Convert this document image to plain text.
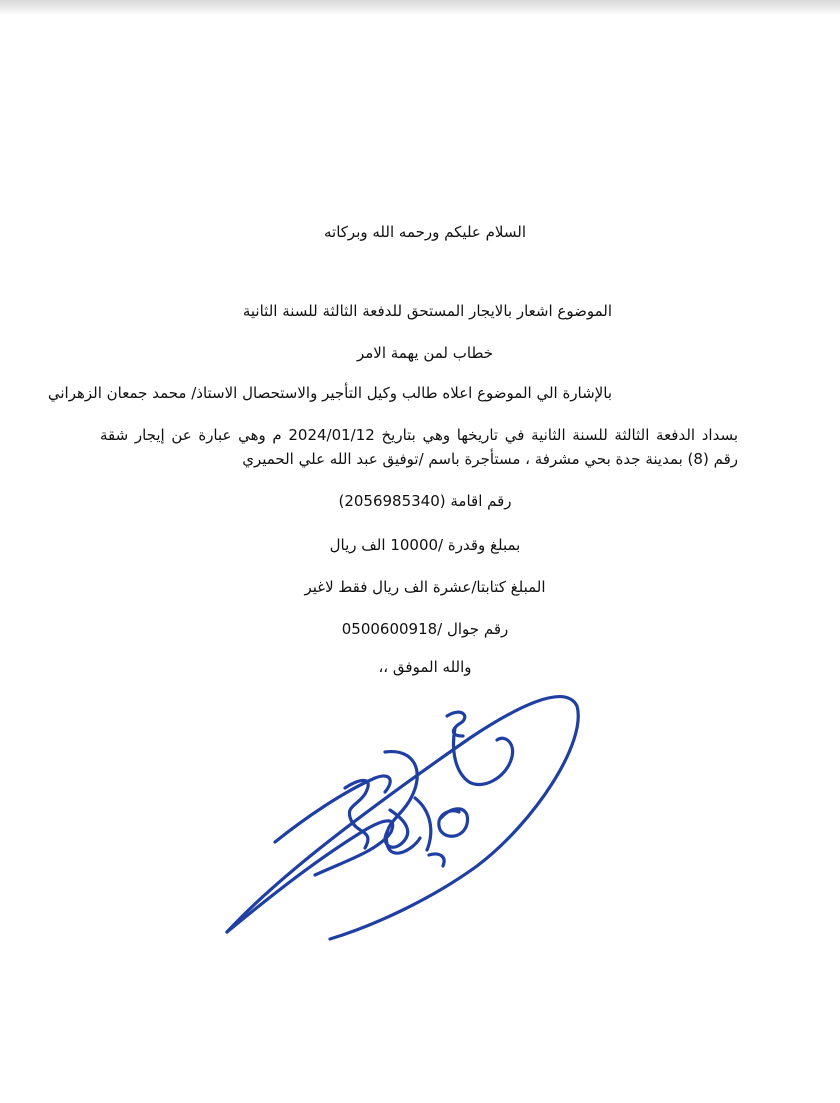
السلام عليكم ورحمه الله وبركاته
الموضوع اشعار بالايجار المستحق للدفعة الثالثة للسنة الثانية
خطاب لمن يهمة الامر
بالإشارة الي الموضوع اعلاه طالب وكيل التأجير والاستحصال الاستاذ/ محمد جمعان الزهراني
بسداد الدفعة الثالثة للسنة الثانية في تاريخها وهي بتاريخ 2024/01/12 م وهي عبارة عن إيجار شقة رقم (8) بمدينة جدة بحي مشرفة ، مستأجرة باسم /توفيق عبد الله علي الحميري
رقم اقامة (2056985340)
بمبلغ وقدرة /10000 الف ريال
المبلغ كتابتا/عشرة الف ريال فقط لاغير
رقم جوال /0500600918
والله الموفق ،،
